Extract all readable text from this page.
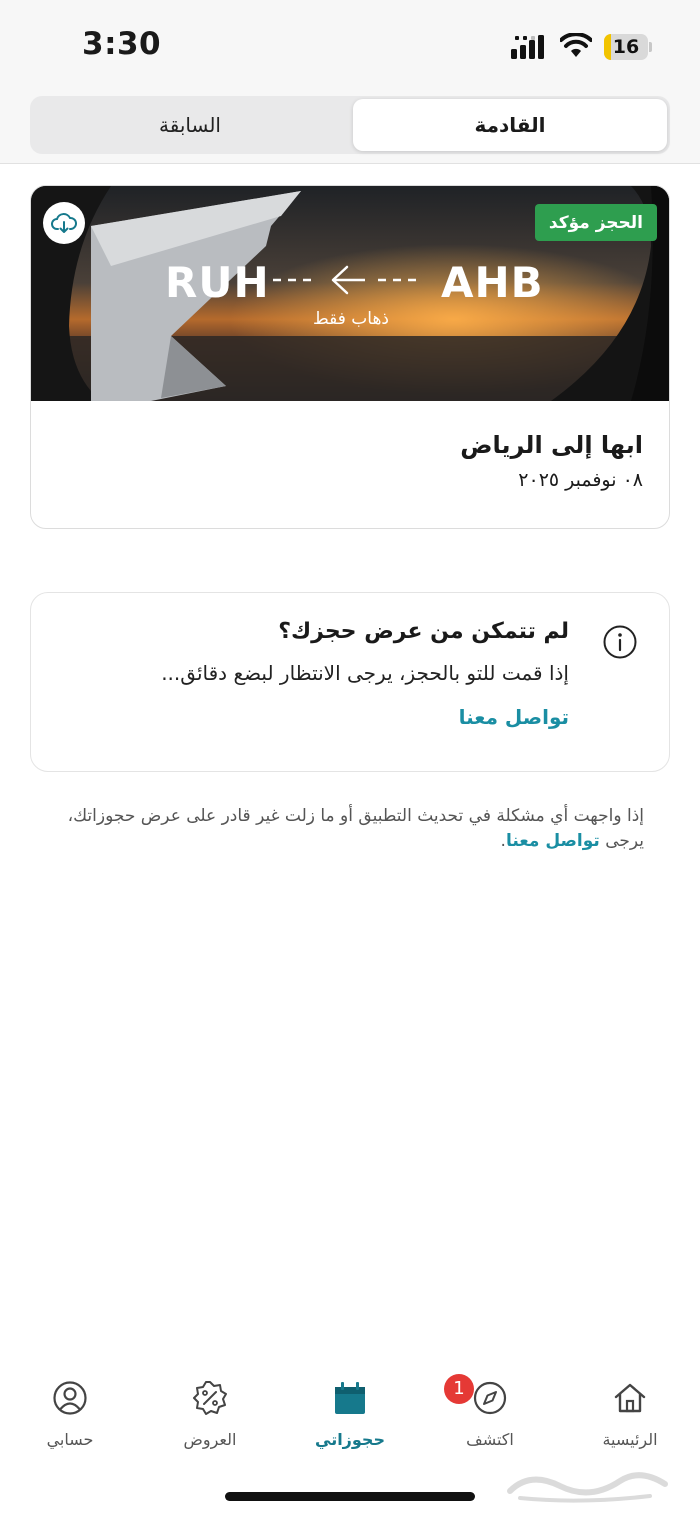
3:30	16
السابقة	القادمة
الحجز مؤكد
RUH	AHB
ذهاب فقط
ابها إلى الرياض
٠٨ نوفمبر ٢٠٢٥
لم تتمكن من عرض حجزك؟
إذا قمت للتو بالحجز، يرجى الانتظار لبضع دقائق...
تواصل معنا
إذا واجهت أي مشكلة في تحديث التطبيق أو ما زلت غير قادر على عرض حجوزاتك، يرجى تواصل معنا.
الرئيسية
اكتشف
حجوزاتي
العروض
حسابي
1
